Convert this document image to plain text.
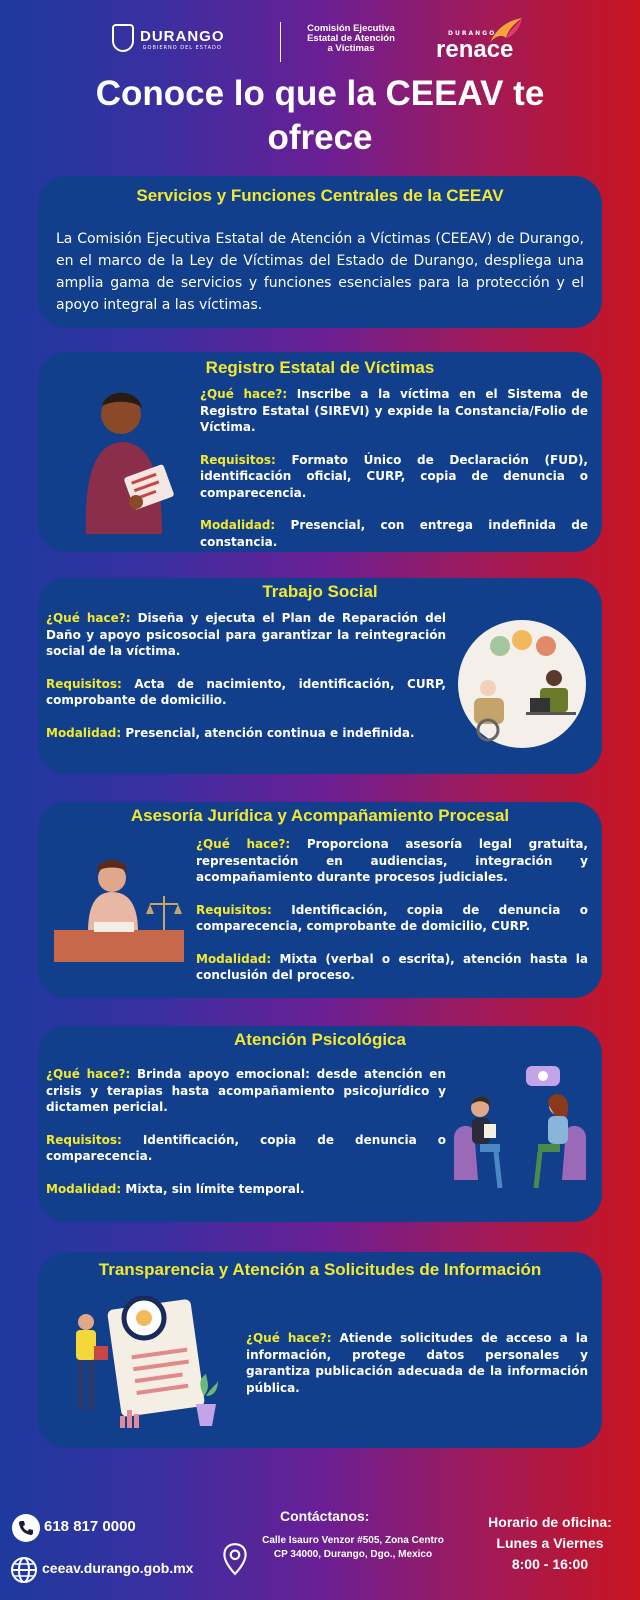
DURANGO
GOBIERNO DEL ESTADO
Comisión Ejecutiva
Estatal de Atención
a Víctimas
DURANGO
renace
Conoce lo que la CEEAV te ofrece
Servicios y Funciones Centrales de la CEEAV
La Comisión Ejecutiva Estatal de Atención a Víctimas (CEEAV) de Durango, en el marco de la Ley de Víctimas del Estado de Durango, despliega una amplia gama de servicios y funciones esenciales para la protección y el apoyo integral a las víctimas.
Registro Estatal de Víctimas

¿Qué hace?: Inscribe a la víctima en el Sistema de Registro Estatal (SIREVI) y expide la Constancia/Folio de Víctima.

Requisitos: Formato Único de Declaración (FUD), identificación oficial, CURP, copia de denuncia o comparecencia.

Modalidad: Presencial, con entrega indefinida de constancia.

Trabajo Social

¿Qué hace?: Diseña y ejecuta el Plan de Reparación del Daño y apoyo psicosocial para garantizar la reintegración social de la víctima.

Requisitos: Acta de nacimiento, identificación, CURP, comprobante de domicilio.

Modalidad: Presencial, atención continua e indefinida.

Asesoría Jurídica y Acompañamiento Procesal

¿Qué hace?: Proporciona asesoría legal gratuita, representación en audiencias, integración y acompañamiento durante procesos judiciales.

Requisitos: Identificación, copia de denuncia o comparecencia, comprobante de domicilio, CURP.

Modalidad: Mixta (verbal o escrita), atención hasta la conclusión del proceso.

Atención Psicológica

¿Qué hace?: Brinda apoyo emocional: desde atención en crisis y terapias hasta acompañamiento psicojurídico y dictamen pericial.

Requisitos: Identificación, copia de denuncia o comparecencia.

Modalidad: Mixta, sin límite temporal.

Transparencia y Atención a Solicitudes de Información

¿Qué hace?: Atiende solicitudes de acceso a la información, protege datos personales y garantiza publicación adecuada de la información pública.

618 817 0000
ceeav.durango.gob.mx
Contáctanos:
Calle Isauro Venzor #505, Zona Centro
CP 34000, Durango, Dgo., Mexico
Horario de oficina:
Lunes a Viernes
8:00 - 16:00
